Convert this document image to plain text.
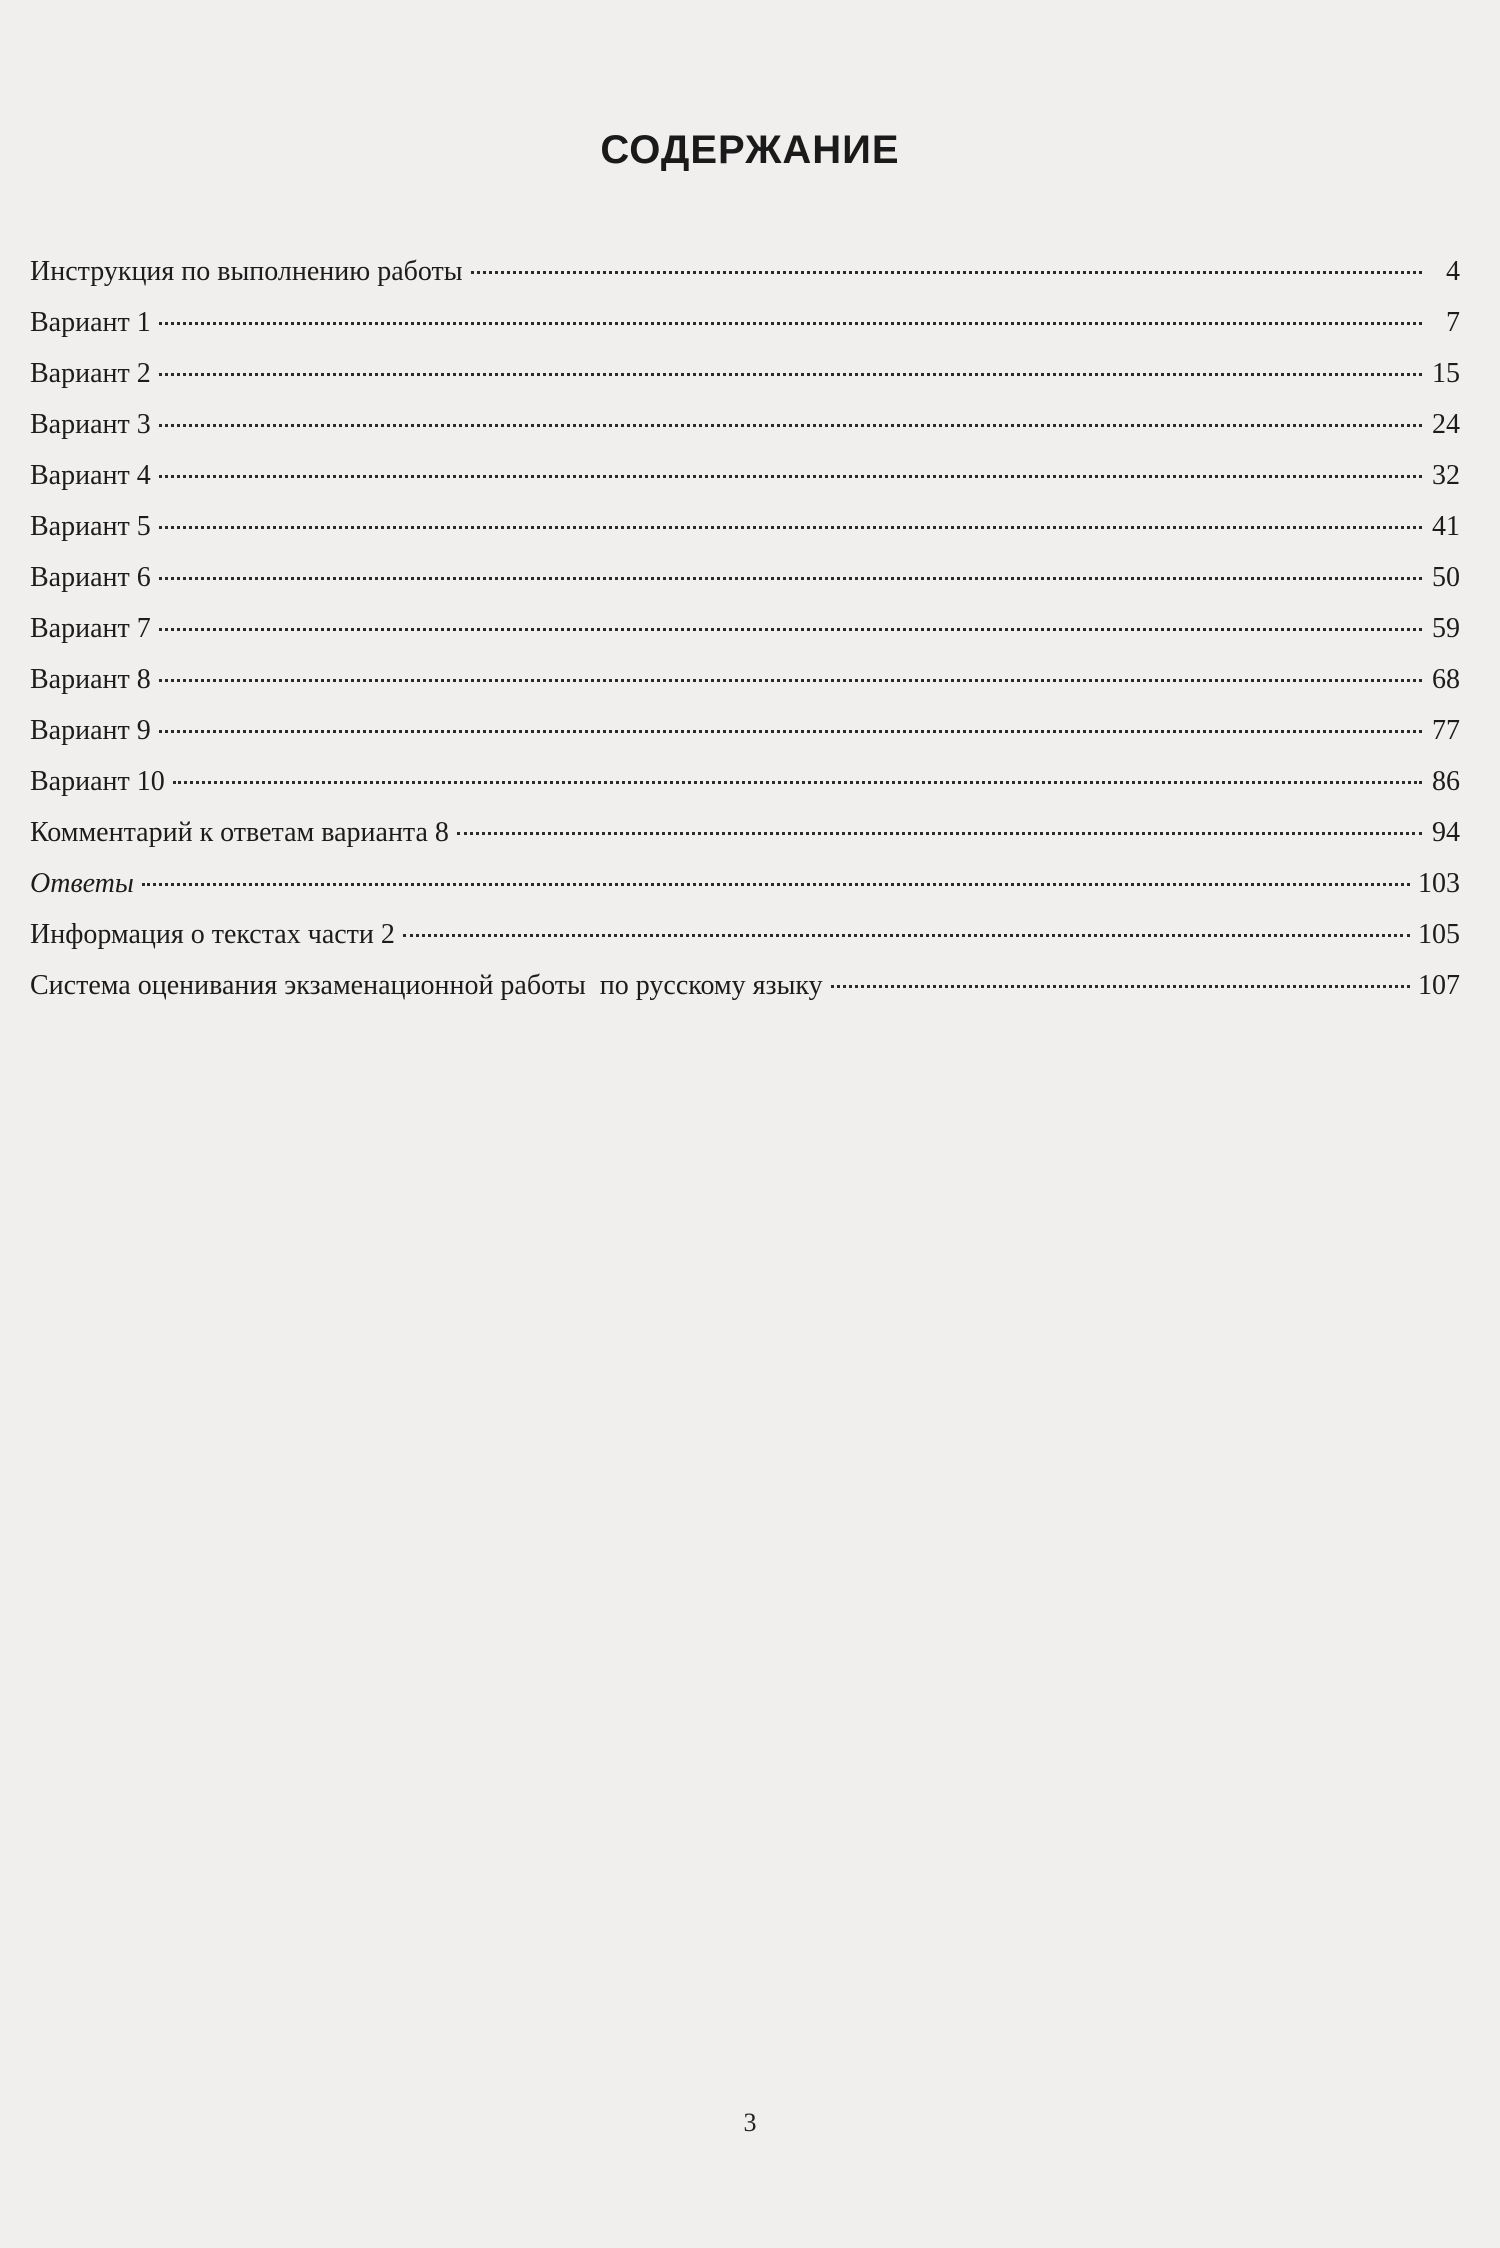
СОДЕРЖАНИЕ
Инструкция по выполнению работы	4
Вариант 1	7
Вариант 2	15
Вариант 3	24
Вариант 4	32
Вариант 5	41
Вариант 6	50
Вариант 7	59
Вариант 8	68
Вариант 9	77
Вариант 10	86
Комментарий к ответам варианта 8	94
Ответы	103
Информация о текстах части 2	105
Система оценивания экзаменационной работы  по русскому языку	107
3
